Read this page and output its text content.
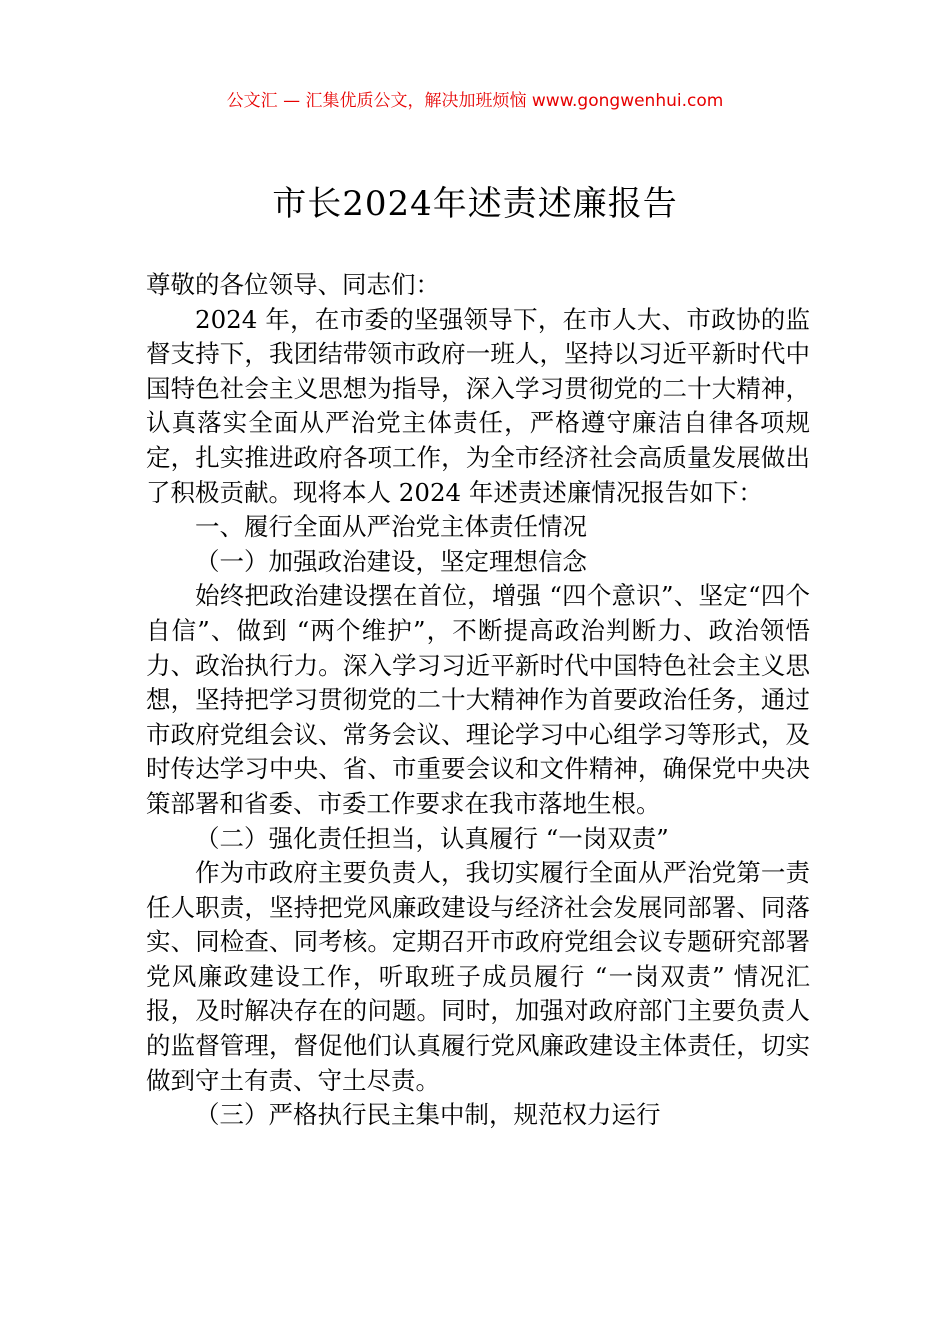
公文汇 — 汇集优质公文，解决加班烦恼 www.gongwenhui.com
市长2024年述责述廉报告

尊敬的各位领导、同志们：

2024 年，在市委的坚强领导下，在市人大、市政协的监督支持下，我团结带领市政府一班人，坚持以习近平新时代中国特色社会主义思想为指导，深入学习贯彻党的二十大精神，认真落实全面从严治党主体责任，严格遵守廉洁自律各项规定，扎实推进政府各项工作，为全市经济社会高质量发展做出了积极贡献。现将本人 2024 年述责述廉情况报告如下：

一、履行全面从严治党主体责任情况

（一）加强政治建设，坚定理想信念

始终把政治建设摆在首位，增强 “四个意识”、坚定“四个自信”、做到 “两个维护”，不断提高政治判断力、政治领悟力、政治执行力。深入学习习近平新时代中国特色社会主义思想，坚持把学习贯彻党的二十大精神作为首要政治任务，通过市政府党组会议、常务会议、理论学习中心组学习等形式，及时传达学习中央、省、市重要会议和文件精神，确保党中央决策部署和省委、市委工作要求在我市落地生根。

（二）强化责任担当，认真履行 “一岗双责”

作为市政府主要负责人，我切实履行全面从严治党第一责任人职责，坚持把党风廉政建设与经济社会发展同部署、同落实、同检查、同考核。定期召开市政府党组会议专题研究部署党风廉政建设工作，听取班子成员履行 “一岗双责” 情况汇报，及时解决存在的问题。同时，加强对政府部门主要负责人的监督管理，督促他们认真履行党风廉政建设主体责任，切实做到守土有责、守土尽责。

（三）严格执行民主集中制，规范权力运行
